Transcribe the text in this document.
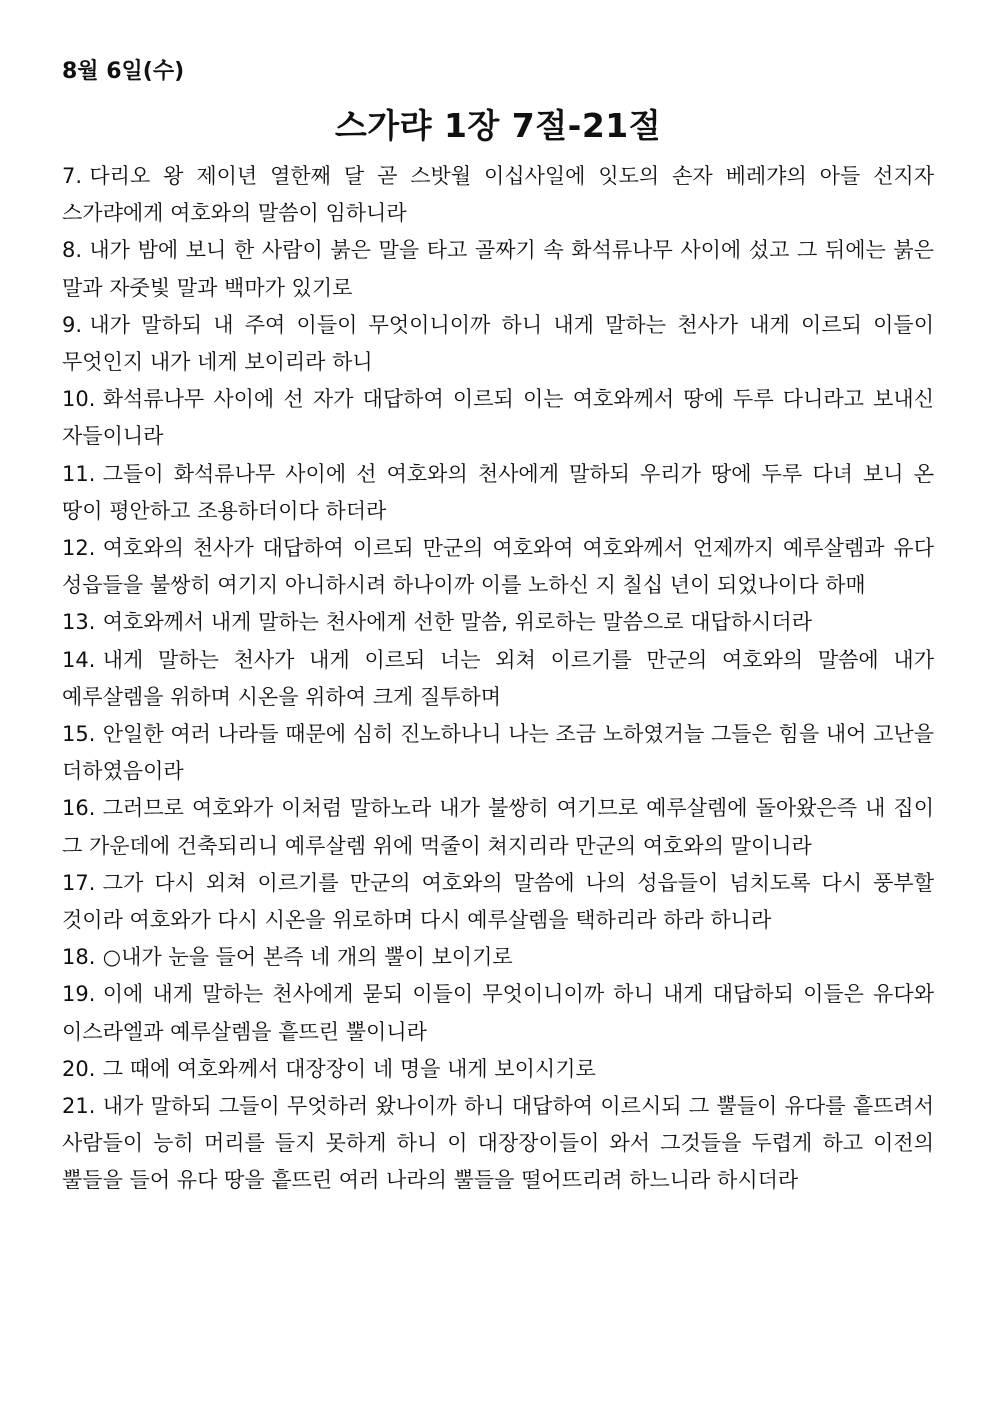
8월 6일(수)
스가랴 1장 7절-21절

7. 다리오 왕 제이년 열한째 달 곧 스밧월 이십사일에 잇도의 손자 베레갸의 아들 선지자 스가랴에게 여호와의 말씀이 임하니라

8. 내가 밤에 보니 한 사람이 붉은 말을 타고 골짜기 속 화석류나무 사이에 섰고 그 뒤에는 붉은 말과 자줏빛 말과 백마가 있기로

9. 내가 말하되 내 주여 이들이 무엇이니이까 하니 내게 말하는 천사가 내게 이르되 이들이 무엇인지 내가 네게 보이리라 하니

10. 화석류나무 사이에 선 자가 대답하여 이르되 이는 여호와께서 땅에 두루 다니라고 보내신 자들이니라

11. 그들이 화석류나무 사이에 선 여호와의 천사에게 말하되 우리가 땅에 두루 다녀 보니 온 땅이 평안하고 조용하더이다 하더라

12. 여호와의 천사가 대답하여 이르되 만군의 여호와여 여호와께서 언제까지 예루살렘과 유다 성읍들을 불쌍히 여기지 아니하시려 하나이까 이를 노하신 지 칠십 년이 되었나이다 하매

13. 여호와께서 내게 말하는 천사에게 선한 말씀, 위로하는 말씀으로 대답하시더라

14. 내게 말하는 천사가 내게 이르되 너는 외쳐 이르기를 만군의 여호와의 말씀에 내가 예루살렘을 위하며 시온을 위하여 크게 질투하며

15. 안일한 여러 나라들 때문에 심히 진노하나니 나는 조금 노하였거늘 그들은 힘을 내어 고난을 더하였음이라

16. 그러므로 여호와가 이처럼 말하노라 내가 불쌍히 여기므로 예루살렘에 돌아왔은즉 내 집이 그 가운데에 건축되리니 예루살렘 위에 먹줄이 쳐지리라 만군의 여호와의 말이니라

17. 그가 다시 외쳐 이르기를 만군의 여호와의 말씀에 나의 성읍들이 넘치도록 다시 풍부할 것이라 여호와가 다시 시온을 위로하며 다시 예루살렘을 택하리라 하라 하니라

18. ○내가 눈을 들어 본즉 네 개의 뿔이 보이기로

19. 이에 내게 말하는 천사에게 묻되 이들이 무엇이니이까 하니 내게 대답하되 이들은 유다와 이스라엘과 예루살렘을 흩뜨린 뿔이니라

20. 그 때에 여호와께서 대장장이 네 명을 내게 보이시기로

21. 내가 말하되 그들이 무엇하러 왔나이까 하니 대답하여 이르시되 그 뿔들이 유다를 흩뜨려서 사람들이 능히 머리를 들지 못하게 하니 이 대장장이들이 와서 그것들을 두렵게 하고 이전의 뿔들을 들어 유다 땅을 흩뜨린 여러 나라의 뿔들을 떨어뜨리려 하느니라 하시더라
